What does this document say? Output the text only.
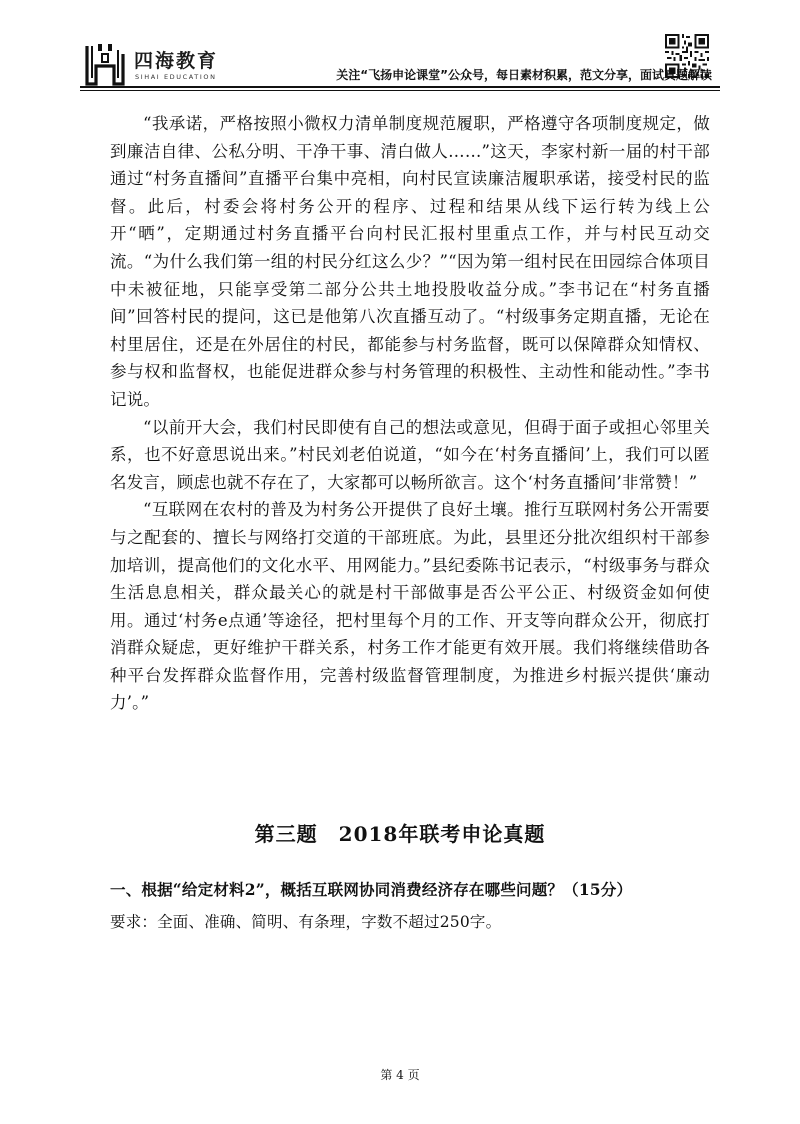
四海教育
SIHAI EDUCATION	关注“飞扬申论课堂”公众号，每日素材积累，范文分享，面试真题解读

“我承诺，严格按照小微权力清单制度规范履职，严格遵守各项制度规定，做到廉洁自律、公私分明、干净干事、清白做人……”这天，李家村新一届的村干部通过“村务直播间”直播平台集中亮相，向村民宣读廉洁履职承诺，接受村民的监督。此后，村委会将村务公开的程序、过程和结果从线下运行转为线上公开“晒”，定期通过村务直播平台向村民汇报村里重点工作，并与村民互动交流。“为什么我们第一组的村民分红这么少？”“因为第一组村民在田园综合体项目中未被征地，只能享受第二部分公共土地投股收益分成。”李书记在“村务直播间”回答村民的提问，这已是他第八次直播互动了。“村级事务定期直播，无论在村里居住，还是在外居住的村民，都能参与村务监督，既可以保障群众知情权、参与权和监督权，也能促进群众参与村务管理的积极性、主动性和能动性。”李书记说。

“以前开大会，我们村民即使有自己的想法或意见，但碍于面子或担心邻里关系，也不好意思说出来。”村民刘老伯说道，“如今在‘村务直播间’上，我们可以匿名发言，顾虑也就不存在了，大家都可以畅所欲言。这个‘村务直播间’非常赞！”

“互联网在农村的普及为村务公开提供了良好土壤。推行互联网村务公开需要与之配套的、擅长与网络打交道的干部班底。为此，县里还分批次组织村干部参加培训，提高他们的文化水平、用网能力。”县纪委陈书记表示，“村级事务与群众生活息息相关，群众最关心的就是村干部做事是否公平公正、村级资金如何使用。通过‘村务e点通’等途径，把村里每个月的工作、开支等向群众公开，彻底打消群众疑虑，更好维护干群关系，村务工作才能更有效开展。我们将继续借助各种平台发挥群众监督作用，完善村级监督管理制度，为推进乡村振兴提供‘廉动力’。”

第三题　2018年联考申论真题
一、根据“给定材料2”，概括互联网协同消费经济存在哪些问题？（15分）
要求：全面、准确、简明、有条理，字数不超过250字。
第 4 页
